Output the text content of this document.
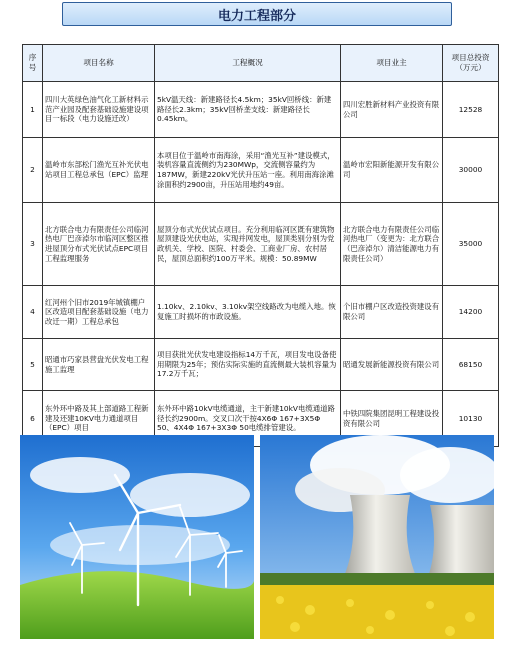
电力工程部分
序号	项目名称	工程概况	项目业主	项目总投资（万元）
1	四川大英绿色油气化工新材料示范产业园及配套基础设施建设项目一标段（电力设施迁改）	5kV温天线：新建路径长4.5km；35kV回桥线：新建路径长2.3km；35kV回桥垄支线：新建路径长0.45km。	四川宏胜新材料产业投资有限公司	12528
2	温岭市东部松门渔光互补光伏电站项目工程总承包（EPC）监理	本项目位于温岭市南海涂，采用“渔光互补”建设模式，装机容量直流侧约为230MWp，交流侧容量约为187MW，新建220kV光伏升压站一座。利用南海涂滩涂面积约2900亩，升压站用地约49亩。	温岭市宏阳新能源开发有限公司	30000
3	北方联合电力有限责任公司临河热电厂巴彦淖尔市临河区整区推进屋顶分布式光伏试点EPC项目工程监理服务	屋顶分布式光伏试点项目。充分利用临河区既有建筑物屋顶建设光伏电站，实现并网发电，屋顶类别分别为党政机关、学校、医院、村委会、工商业厂房、农村居民，屋顶总面积约100万平米。规模：50.89MW	北方联合电力有限责任公司临河热电厂（变更为：北方联合（巴彦淖尔）清洁能源电力有限责任公司）	35000
4	红河州个旧市2019年城镇棚户区改造项目配套基础设施（电力改迁一期）工程总承包	1.10kv、2.10kv、3.10kv架空线路改为电缆入地。恢复施工时损坏的市政设施。	个旧市棚户区改造投资建设有限公司	14200
5	昭通市巧家县营盘光伏发电工程施工监理	项目获批光伏发电建设指标14万千瓦，项目发电设备使用期限为25年；预估实际实施的直流侧最大装机容量为17.2万千瓦；	昭通发展新能源投资有限公司	68150
6	东外环中路及其上部道路工程新建及还建10KV电力通道项目（EPC）项目	东外环中路10kV电缆通道，主干新建10kV电缆通道路径长约2900m。交叉口次干按4X6Φ 167+3X5Φ 50、4X4Φ 167+3X3Φ 50电缆排管建设。	中铁四院集团昆明工程建设投资有限公司	10130
